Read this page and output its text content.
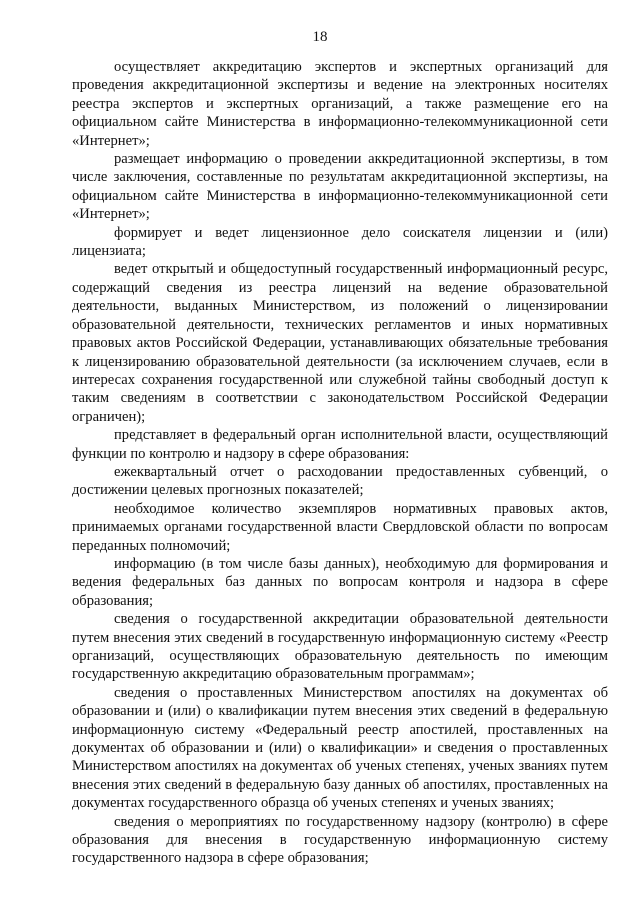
18

осуществляет аккредитацию экспертов и экспертных организаций для проведения аккредитационной экспертизы и ведение на электронных носителях реестра экспертов и экспертных организаций, а также размещение его на официальном сайте Министерства в информационно-телекоммуникационной сети «Интернет»;

размещает информацию о проведении аккредитационной экспертизы, в том числе заключения, составленные по результатам аккредитационной экспертизы, на официальном сайте Министерства в информационно-телекоммуникационной сети «Интернет»;

формирует и ведет лицензионное дело соискателя лицензии и (или) лицензиата;

ведет открытый и общедоступный государственный информационный ресурс, содержащий сведения из реестра лицензий на ведение образовательной деятельности, выданных Министерством, из положений о лицензировании образовательной деятельности, технических регламентов и иных нормативных правовых актов Российской Федерации, устанавливающих обязательные требования к лицензированию образовательной деятельности (за исключением случаев, если в интересах сохранения государственной или служебной тайны свободный доступ к таким сведениям в соответствии с законодательством Российской Федерации ограничен);

представляет в федеральный орган исполнительной власти, осуществляющий функции по контролю и надзору в сфере образования:

ежеквартальный отчет о расходовании предоставленных субвенций, о достижении целевых прогнозных показателей;

необходимое количество экземпляров нормативных правовых актов, принимаемых органами государственной власти Свердловской области по вопросам переданных полномочий;

информацию (в том числе базы данных), необходимую для формирования и ведения федеральных баз данных по вопросам контроля и надзора в сфере образования;

сведения о государственной аккредитации образовательной деятельности путем внесения этих сведений в государственную информационную систему «Реестр организаций, осуществляющих образовательную деятельность по имеющим государственную аккредитацию образовательным программам»;

сведения о проставленных Министерством апостилях на документах об образовании и (или) о квалификации путем внесения этих сведений в федеральную информационную систему «Федеральный реестр апостилей, проставленных на документах об образовании и (или) о квалификации» и сведения о проставленных Министерством апостилях на документах об ученых степенях, ученых званиях путем внесения этих сведений в федеральную базу данных об апостилях, проставленных на документах государственного образца об ученых степенях и ученых званиях;

сведения о мероприятиях по государственному надзору (контролю) в сфере образования для внесения в государственную информационную систему государственного надзора в сфере образования;
